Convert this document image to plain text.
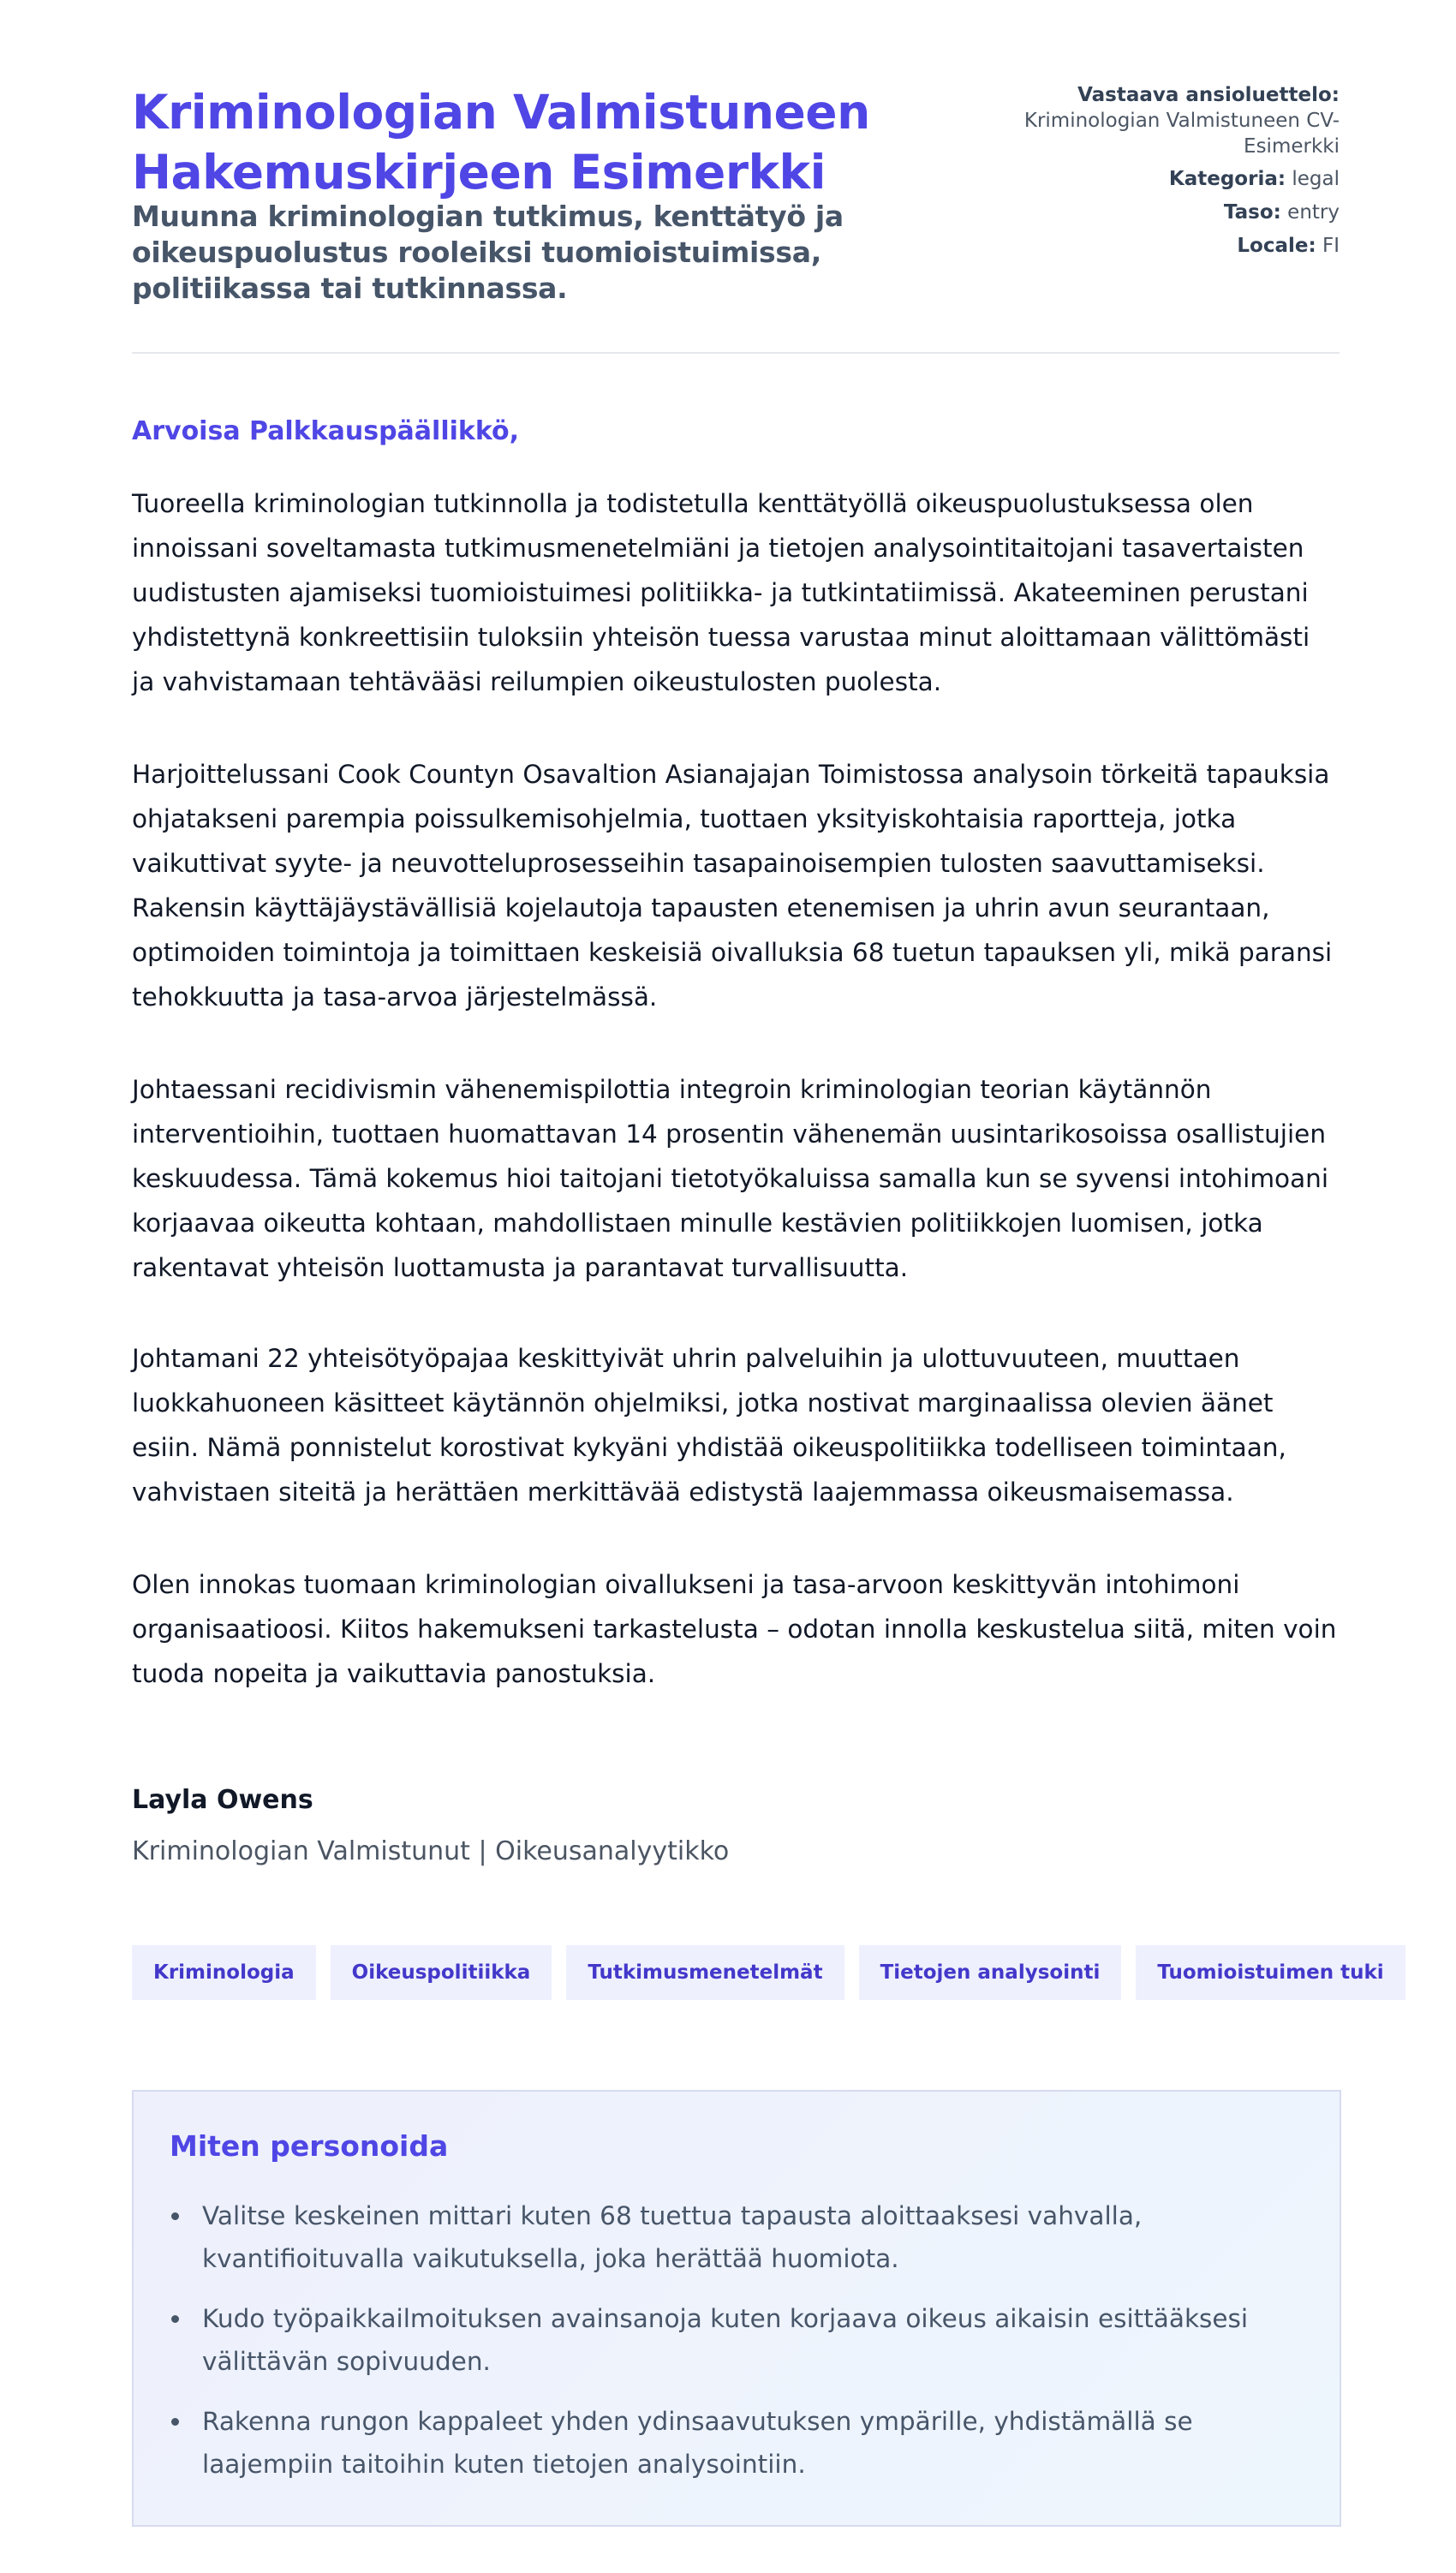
Kriminologian Valmistuneen Hakemuskirjeen Esimerkki
Muunna kriminologian tutkimus, kenttätyö ja oikeuspuolustus rooleiksi tuomioistuimissa, politiikassa tai tutkinnassa.
Vastaava ansioluettelo:
Kriminologian Valmistuneen CV-Esimerkki
Kategoria: legal
Taso: entry
Locale: FI

Arvoisa Palkkauspäällikkö,

Tuoreella kriminologian tutkinnolla ja todistetulla kenttätyöllä oikeuspuolustuksessa olen innoissani soveltamasta tutkimusmenetelmiäni ja tietojen analysointitaitojani tasavertaisten uudistusten ajamiseksi tuomioistuimesi politiikka- ja tutkintatiimissä. Akateeminen perustani yhdistettynä konkreettisiin tuloksiin yhteisön tuessa varustaa minut aloittamaan välittömästi ja vahvistamaan tehtävääsi reilumpien oikeustulosten puolesta.

Harjoittelussani Cook Countyn Osavaltion Asianajajan Toimistossa analysoin törkeitä tapauksia ohjatakseni parempia poissulkemisohjelmia, tuottaen yksityiskohtaisia raportteja, jotka vaikuttivat syyte- ja neuvotteluprosesseihin tasapainoisempien tulosten saavuttamiseksi. Rakensin käyttäjäystävällisiä kojelautoja tapausten etenemisen ja uhrin avun seurantaan, optimoiden toimintoja ja toimittaen keskeisiä oivalluksia 68 tuetun tapauksen yli, mikä paransi tehokkuutta ja tasa-arvoa järjestelmässä.

Johtaessani recidivismin vähenemispilottia integroin kriminologian teorian käytännön interventioihin, tuottaen huomattavan 14 prosentin vähenemän uusintarikosoissa osallistujien keskuudessa. Tämä kokemus hioi taitojani tietotyökaluissa samalla kun se syvensi intohimoani korjaavaa oikeutta kohtaan, mahdollistaen minulle kestävien politiikkojen luomisen, jotka rakentavat yhteisön luottamusta ja parantavat turvallisuutta.

Johtamani 22 yhteisötyöpajaa keskittyivät uhrin palveluihin ja ulottuvuuteen, muuttaen luokkahuoneen käsitteet käytännön ohjelmiksi, jotka nostivat marginaalissa olevien äänet esiin. Nämä ponnistelut korostivat kykyäni yhdistää oikeuspolitiikka todelliseen toimintaan, vahvistaen siteitä ja herättäen merkittävää edistystä laajemmassa oikeusmaisemassa.

Olen innokas tuomaan kriminologian oivallukseni ja tasa-arvoon keskittyvän intohimoni organisaatioosi. Kiitos hakemukseni tarkastelusta – odotan innolla keskustelua siitä, miten voin tuoda nopeita ja vaikuttavia panostuksia.

Layla Owens

Kriminologian Valmistunut | Oikeusanalyytikko

Kriminologia	Oikeuspolitiikka	Tutkimusmenetelmät	Tietojen analysointi	Tuomioistuimen tuki
Miten personoida
Valitse keskeinen mittari kuten 68 tuettua tapausta aloittaaksesi vahvalla, kvantifioituvalla vaikutuksella, joka herättää huomiota.
Kudo työpaikkailmoituksen avainsanoja kuten korjaava oikeus aikaisin esittääksesi välittävän sopivuuden.
Rakenna rungon kappaleet yhden ydinsaavutuksen ympärille, yhdistämällä se laajempiin taitoihin kuten tietojen analysointiin.
